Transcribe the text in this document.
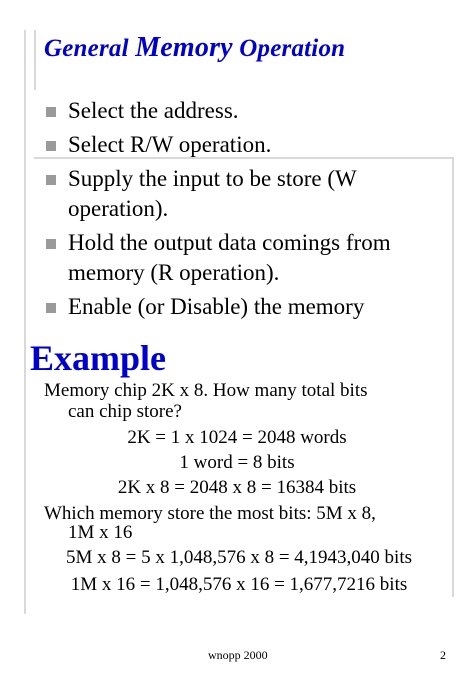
General Memory Operation
Select the address.
Select R/W operation.
Supply the input to be store (W operation).
Hold the output data comings from memory (R operation).
Enable (or Disable) the memory
Example
Memory chip 2K x 8. How many total bits
can chip store?
2K = 1 x 1024 = 2048 words
1 word = 8 bits
2K x 8 = 2048 x 8 = 16384 bits
Which memory store the most bits: 5M x 8,
1M x 16
5M x 8 = 5 x 1,048,576 x 8 = 4,1943,040 bits
1M x 16 = 1,048,576 x 16 = 1,677,7216 bits
wnopp 2000	2
